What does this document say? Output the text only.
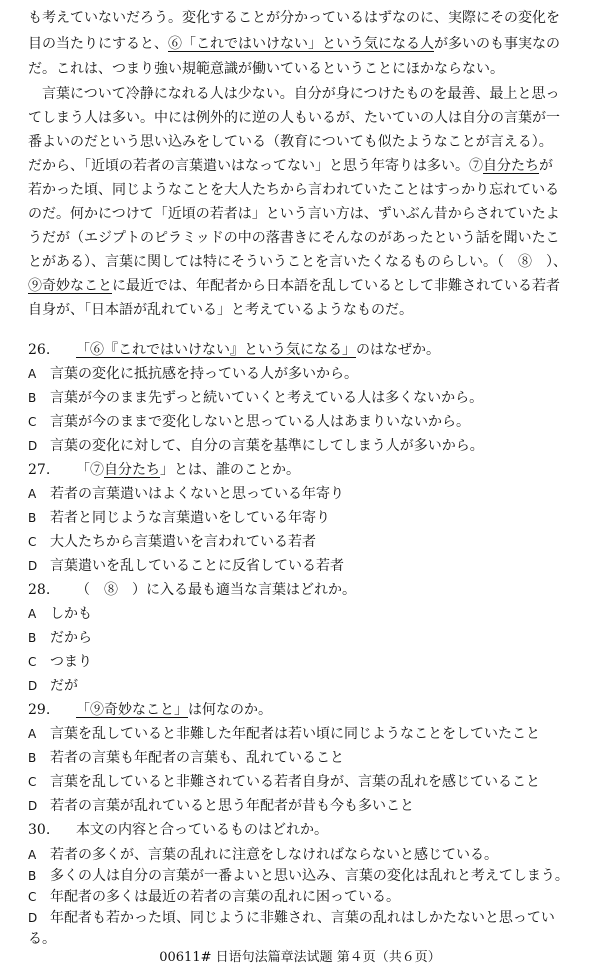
も考えていないだろう。変化することが分かっているはずなのに、実際にその変化を
目の当たりにすると、⑥「これではいけない」という気になる人が多いのも事実なの
だ。これは、つまり強い規範意識が働いているということにほかならない。
　言葉について冷静になれる人は少ない。自分が身につけたものを最善、最上と思っ
てしまう人は多い。中には例外的に逆の人もいるが、たいていの人は自分の言葉が一
番よいのだという思い込みをしている（教育についても似たようなことが言える）。
だから、「近頃の若者の言葉遣いはなってない」と思う年寄りは多い。⑦自分たちが
若かった頃、同じようなことを大人たちから言われていたことはすっかり忘れている
のだ。何かにつけて「近頃の若者は」という言い方は、ずいぶん昔からされていたよ
うだが（エジプトのピラミッドの中の落書きにそんなのがあったという話を聞いたこ
とがある）、言葉に関しては特にそういうことを言いたくなるものらしい。（　⑧　）、
⑨奇妙なことに最近では、年配者から日本語を乱しているとして非難されている若者
自身が、「日本語が乱れている」と考えているようなものだ。
26. 「⑥『これではいけない』という気になる」のはなぜか。
A 言葉の変化に抵抗感を持っている人が多いから。
B 言葉が今のまま先ずっと続いていくと考えている人は多くないから。
C 言葉が今のままで変化しないと思っている人はあまりいないから。
D 言葉の変化に対して、自分の言葉を基準にしてしまう人が多いから。
27. 「⑦自分たち」とは、誰のことか。
A 若者の言葉遣いはよくないと思っている年寄り
B 若者と同じような言葉遣いをしている年寄り
C 大人たちから言葉遣いを言われている若者
D 言葉遣いを乱していることに反省している若者
28. （　⑧　）に入る最も適当な言葉はどれか。
A しかも
B だから
C つまり
D だが
29. 「⑨奇妙なこと」は何なのか。
A 言葉を乱していると非難した年配者は若い頃に同じようなことをしていたこと
B 若者の言葉も年配者の言葉も、乱れていること
C 言葉を乱していると非難されている若者自身が、言葉の乱れを感じていること
D 若者の言葉が乱れていると思う年配者が昔も今も多いこと
30. 本文の内容と合っているものはどれか。
A 若者の多くが、言葉の乱れに注意をしなければならないと感じている。
B 多くの人は自分の言葉が一番よいと思い込み、言葉の変化は乱れと考えてしまう。
C 年配者の多くは最近の若者の言葉の乱れに困っている。
D 年配者も若かった頃、同じように非難され、言葉の乱れはしかたないと思ってい
る。
00611# 日语句法篇章法试题 第４页（共６页）
